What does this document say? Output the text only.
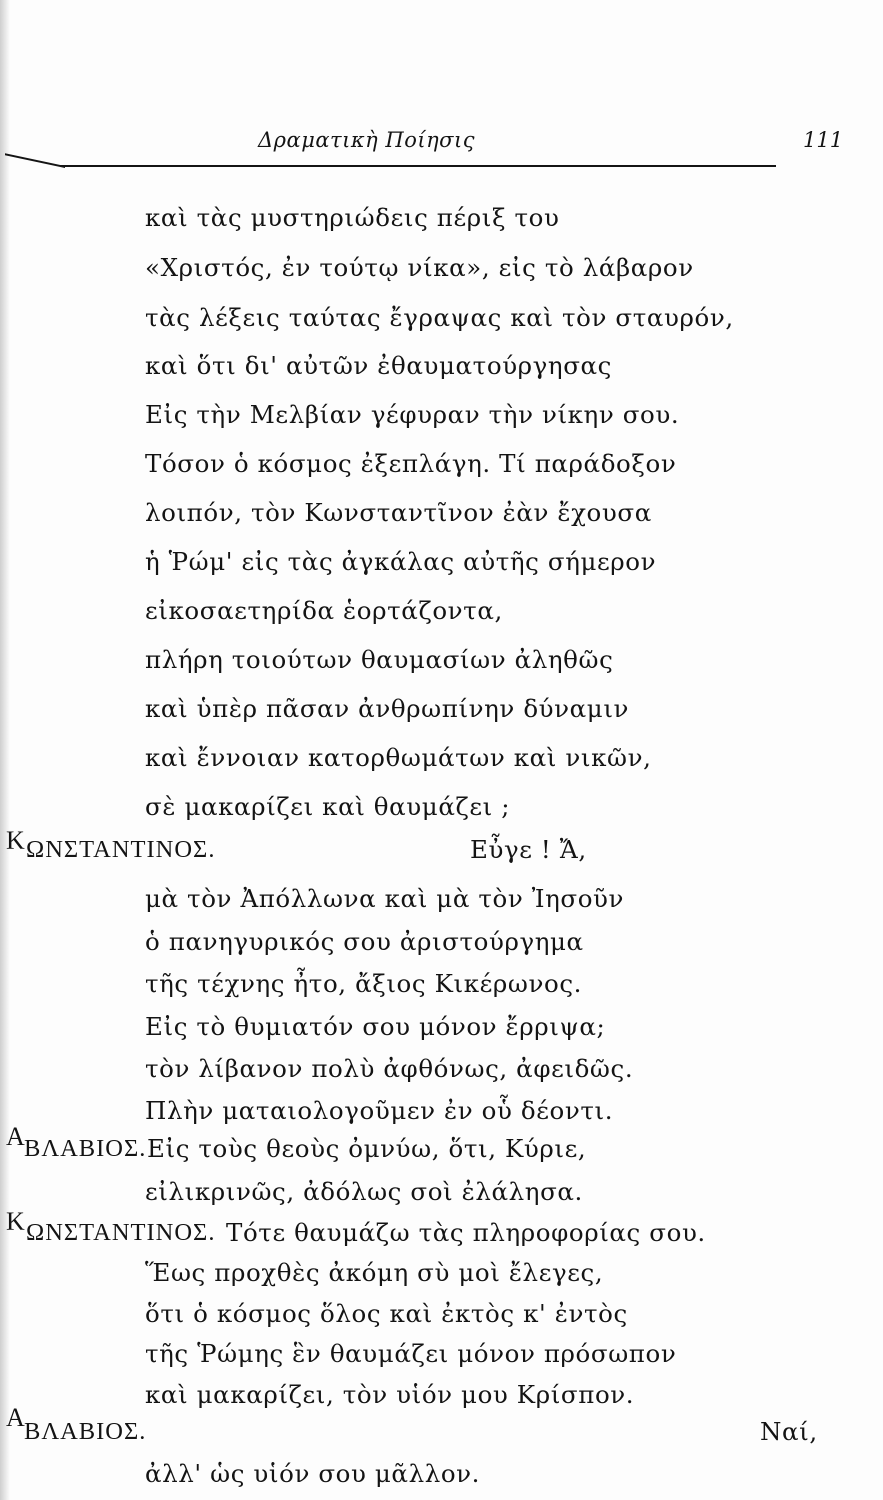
Δραματικὴ Ποίησις	111
καὶ τὰς μυστηριώδεις πέριξ του
«Χριστός, ἐν τούτῳ νίκα», εἰς τὸ λάβαρον
τὰς λέξεις ταύτας ἔγραψας καὶ τὸν σταυρόν,
καὶ ὅτι δι' αὐτῶν ἐθαυματούργησας
Εἰς τὴν Μελβίαν γέφυραν τὴν νίκην σου.
Τόσον ὁ κόσμος ἐξεπλάγη. Τί παράδοξον
λοιπόν, τὸν Κωνσταντῖνον ἐὰν ἔχουσα
ἡ Ῥώμ' εἰς τὰς ἀγκάλας αὐτῆς σήμερον
εἰκοσαετηρίδα ἑορτάζοντα,
πλήρη τοιούτων θαυμασίων ἀληθῶς
καὶ ὑπὲρ πᾶσαν ἀνθρωπίνην δύναμιν
καὶ ἔννοιαν κατορθωμάτων καὶ νικῶν,
σὲ μακαρίζει καὶ θαυμάζει ;
Κ ΩΝΣΤΑΝΤΙΝΟΣ.	Εὖγε ! Ἄ,
μὰ τὸν Ἀπόλλωνα καὶ μὰ τὸν Ἰησοῦν
ὁ πανηγυρικός σου ἀριστούργημα
τῆς τέχνης ἦτο, ἄξιος Κικέρωνος.
Εἰς τὸ θυμιατόν σου μόνον ἔρριψα;
τὸν λίβανον πολὺ ἀφθόνως, ἀφειδῶς.
Πλὴν ματαιολογοῦμεν ἐν οὗ δέοντι.
Α ΒΛΑΒΙΟΣ. Εἰς τοὺς θεοὺς ὀμνύω, ὅτι, Κύριε,
εἰλικρινῶς, ἀδόλως σοὶ ἐλάλησα.
Κ ΩΝΣΤΑΝΤΙΝΟΣ. Τότε θαυμάζω τὰς πληροφορίας σου.
Ἕως προχθὲς ἀκόμη σὺ μοὶ ἔλεγες,
ὅτι ὁ κόσμος ὅλος καὶ ἐκτὸς κ' ἐντὸς
τῆς Ῥώμης ἓν θαυμάζει μόνον πρόσωπον
καὶ μακαρίζει, τὸν υἱόν μου Κρίσπον.
Α ΒΛΑΒΙΟΣ.	Ναί,
ἀλλ' ὡς υἱόν σου μᾶλλον.
